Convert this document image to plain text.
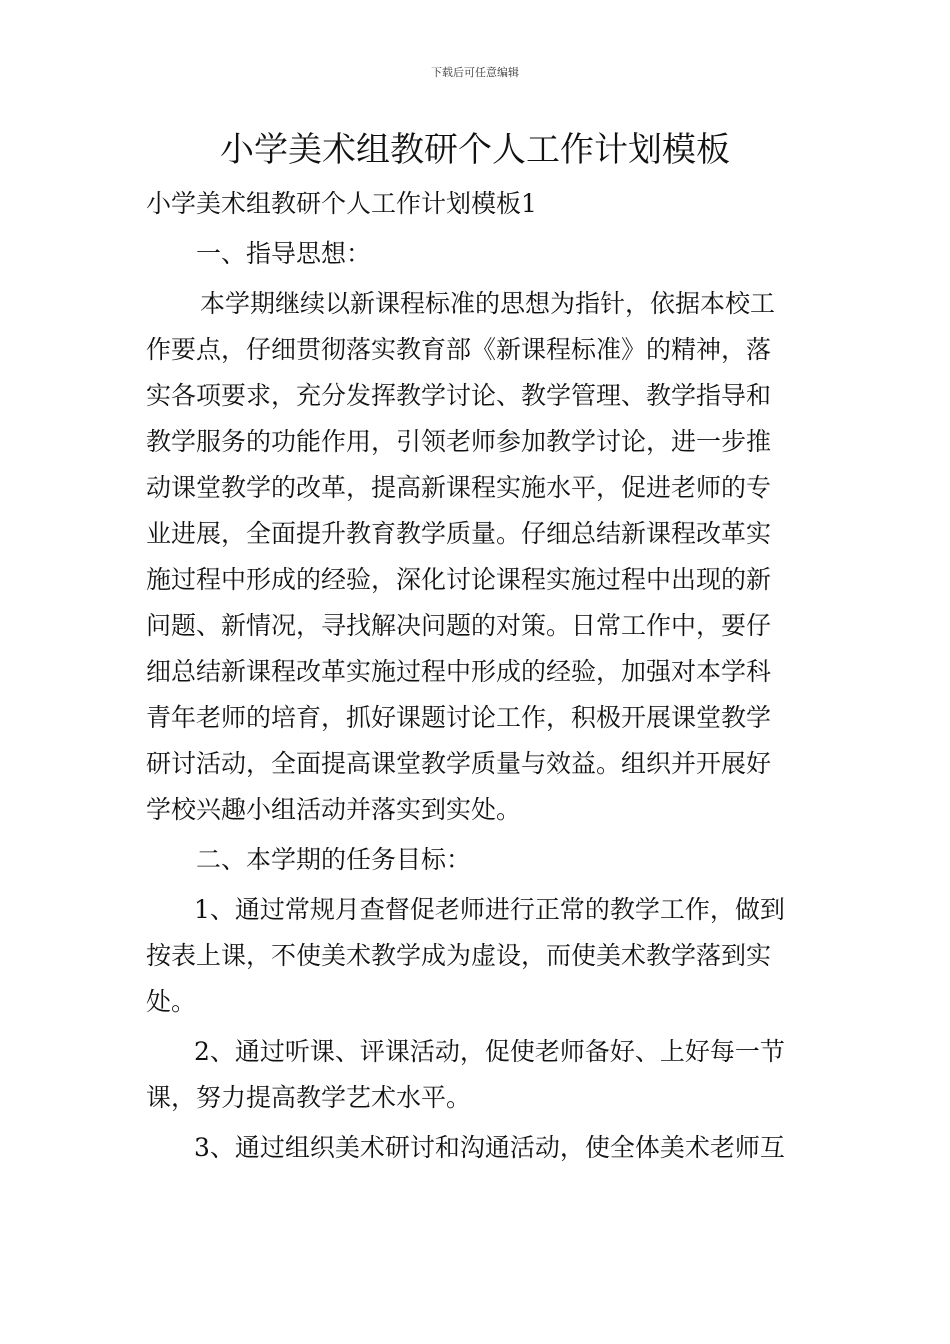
下载后可任意编辑
小学美术组教研个人工作计划模板
小学美术组教研个人工作计划模板1
一、指导思想：
本学期继续以新课程标准的思想为指针，依据本校工
作要点，仔细贯彻落实教育部《新课程标准》的精神，落
实各项要求，充分发挥教学讨论、教学管理、教学指导和
教学服务的功能作用，引领老师参加教学讨论，进一步推
动课堂教学的改革，提高新课程实施水平，促进老师的专
业进展，全面提升教育教学质量。仔细总结新课程改革实
施过程中形成的经验，深化讨论课程实施过程中出现的新
问题、新情况，寻找解决问题的对策。日常工作中，要仔
细总结新课程改革实施过程中形成的经验，加强对本学科
青年老师的培育，抓好课题讨论工作，积极开展课堂教学
研讨活动，全面提高课堂教学质量与效益。组织并开展好
学校兴趣小组活动并落实到实处。
二、本学期的任务目标：
1、通过常规月查督促老师进行正常的教学工作，做到
按表上课，不使美术教学成为虚设，而使美术教学落到实
处。
2、通过听课、评课活动，促使老师备好、上好每一节
课，努力提高教学艺术水平。
3、通过组织美术研讨和沟通活动，使全体美术老师互
